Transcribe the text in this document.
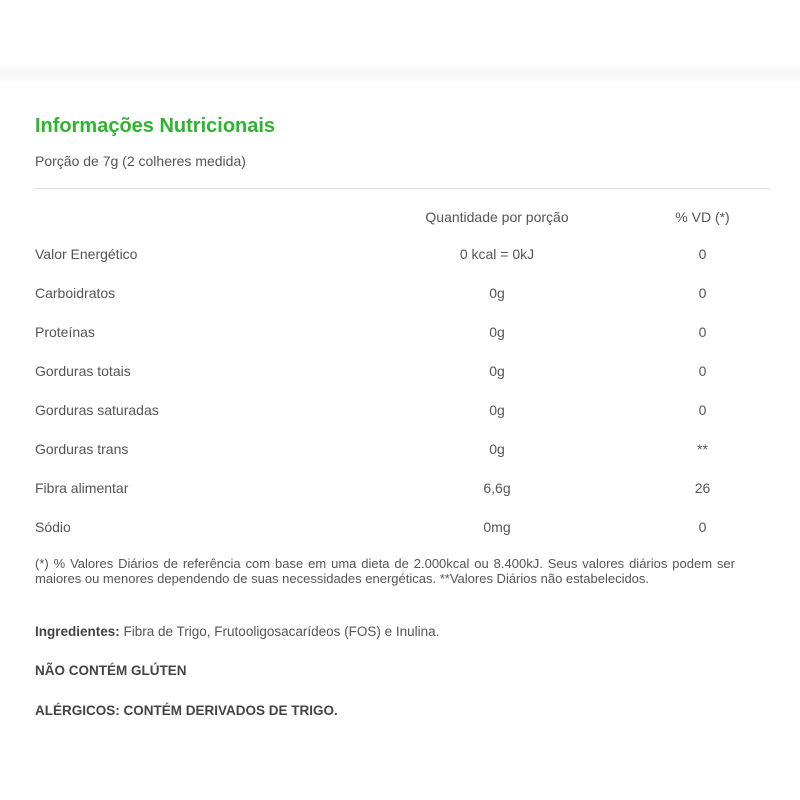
Informações Nutricionais
Porção de 7g (2 colheres medida)
Quantidade por porção	% VD (*)
Valor Energético	0 kcal = 0kJ	0
Carboidratos	0g	0
Proteínas	0g	0
Gorduras totais	0g	0
Gorduras saturadas	0g	0
Gorduras trans	0g	**
Fibra alimentar	6,6g	26
Sódio	0mg	0
(*) % Valores Diários de referência com base em uma dieta de 2.000kcal ou 8.400kJ. Seus valores diários podem ser maiores ou menores dependendo de suas necessidades energéticas. **Valores Diários não estabelecidos.
Ingredientes: Fibra de Trigo, Frutooligosacarídeos (FOS) e Inulina.
NÃO CONTÉM GLÚTEN
ALÉRGICOS: CONTÉM DERIVADOS DE TRIGO.
